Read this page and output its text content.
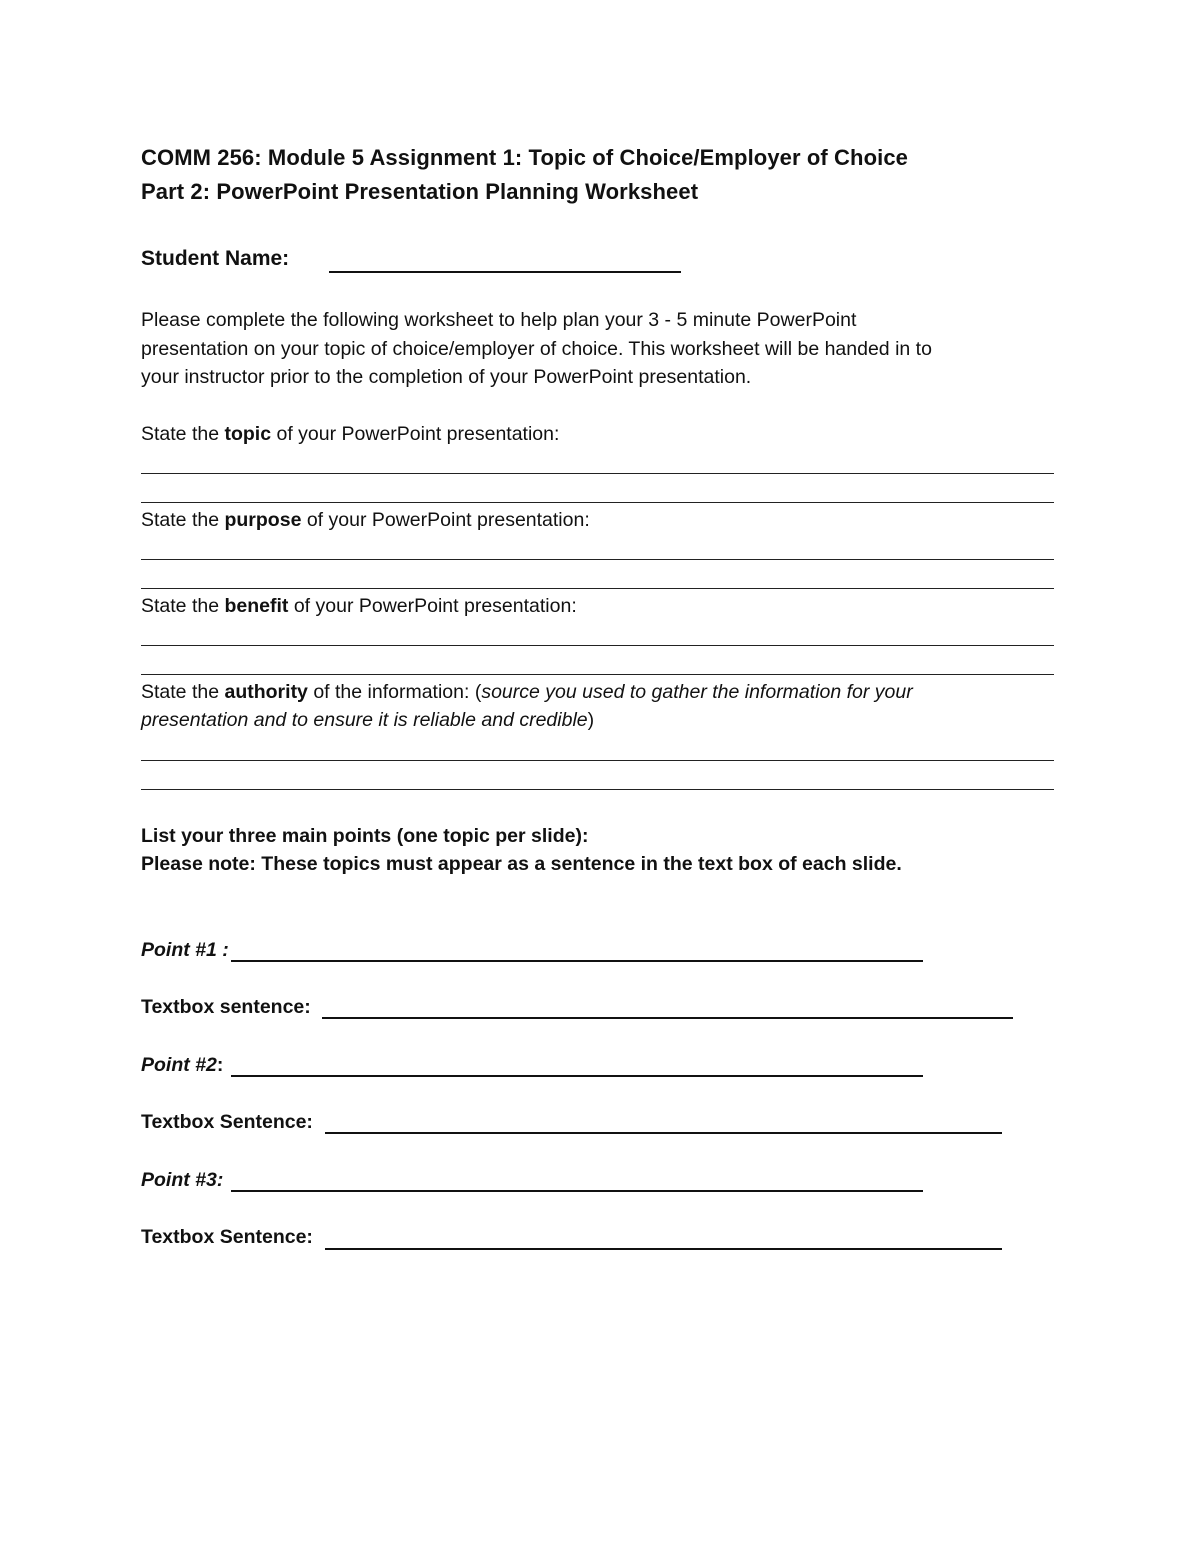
COMM 256: Module 5 Assignment 1: Topic of Choice/Employer of Choice
Part 2: PowerPoint Presentation Planning Worksheet
Student Name:

Please complete the following worksheet to help plan your 3 - 5 minute PowerPoint

presentation on your topic of choice/employer of choice. This worksheet will be handed in to

your instructor prior to the completion of your PowerPoint presentation.

State the topic of your PowerPoint presentation:
State the purpose of your PowerPoint presentation:
State the benefit of your PowerPoint presentation:
State the authority of the information: (source you used to gather the information for your
presentation and to ensure it is reliable and credible)
List your three main points (one topic per slide):
Please note: These topics must appear as a sentence in the text box of each slide.
Point #1 :
Textbox sentence:
Point #2:
Textbox Sentence:
Point #3:
Textbox Sentence:
